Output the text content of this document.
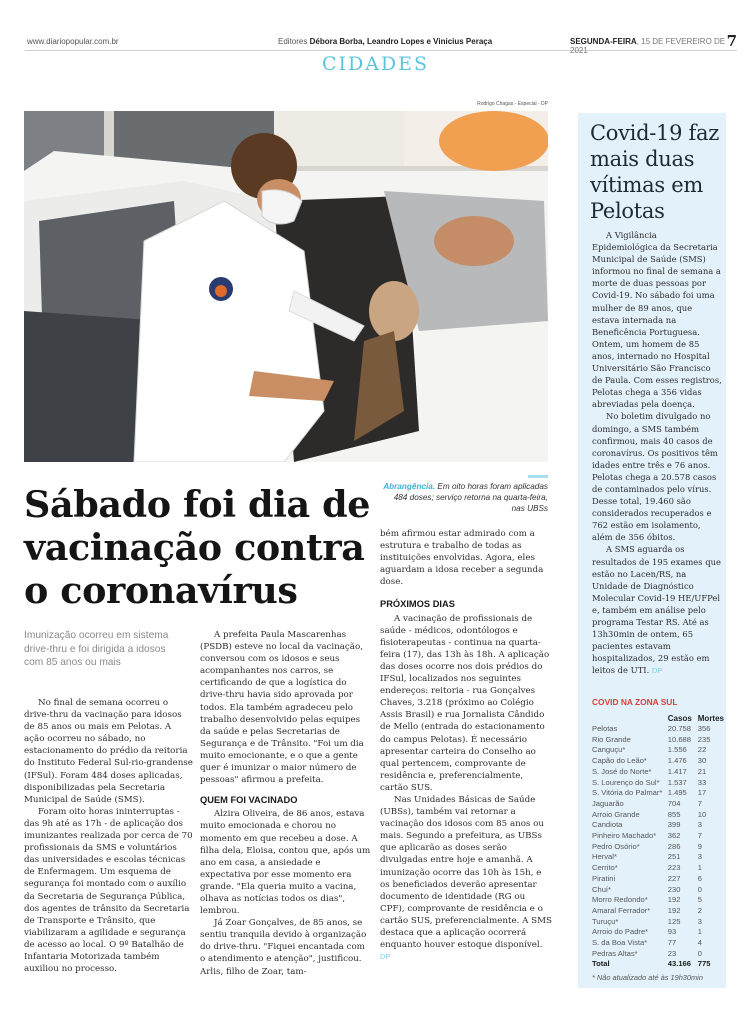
www.diariopopular.com.br	Editores Débora Borba, Leandro Lopes e Vinicius Peraça	SEGUNDA-FEIRA, 15 DE FEVEREIRO DE 2021
7
CIDADES
Rodrigo Chagas - Especial - DP
Abrangência. Em oito horas foram aplicadas 484 doses; serviço retorna na quarta-feira, nas UBSs
Sábado foi dia de vacinação contra o coronavírus
Imunização ocorreu em sistema drive-thru e foi dirigida a idosos com 85 anos ou mais

No final de semana ocorreu o drive-thru da vacinação para idosos de 85 anos ou mais em Pelotas. A ação ocorreu no sábado, no estacionamento do prédio da reitoria do Instituto Federal Sul-rio-grandense (IFSul). Foram 484 doses aplicadas, disponibilizadas pela Secretaria Municipal de Saúde (SMS).

Foram oito horas ininterruptas - das 9h até as 17h - de aplicação dos imunizantes realizada por cerca de 70 profissionais da SMS e voluntários das universidades e escolas técnicas de Enfermagem. Um esquema de segurança foi montado com o auxílio da Secretaria de Segurança Pública, dos agentes de trânsito da Secretaria de Transporte e Trânsito, que viabilizaram a agilidade e segurança de acesso ao local. O 9º Batalhão de Infantaria Motorizada também auxiliou no processo.

A prefeita Paula Mascarenhas (PSDB) esteve no local da vacinação, conversou com os idosos e seus acompanhantes nos carros, se certificando de que a logística do drive-thru havia sido aprovada por todos. Ela também agradeceu pelo trabalho desenvolvido pelas equipes da saúde e pelas Secretarias de Segurança e de Trânsito. "Foi um dia muito emocionante, e o que a gente quer é imunizar o maior número de pessoas" afirmou a prefeita.

QUEM FOI VACINADO

Alzira Oliveira, de 86 anos, estava muito emocionada e chorou no momento em que recebeu a dose. A filha dela, Eloisa, contou que, após um ano em casa, a ansiedade e expectativa por esse momento era grande. "Ela queria muito a vacina, olhava as notícias todos os dias", lembrou.

Já Zoar Gonçalves, de 85 anos, se sentiu tranquila devido à organização do drive-thru. "Fiquei encantada com o atendimento e atenção", justificou. Arlis, filho de Zoar, tam-

bém afirmou estar admirado com a estrutura e trabalho de todas as instituições envolvidas. Agora, eles aguardam a idosa receber a segunda dose.

PRÓXIMOS DIAS

A vacinação de profissionais de saúde - médicos, odontólogos e fisioterapeutas - continua na quarta-feira (17), das 13h às 18h. A aplicação das doses ocorre nos dois prédios do IFSul, localizados nos seguintes endereços: reitoria - rua Gonçalves Chaves, 3.218 (próximo ao Colégio Assis Brasil) e rua Jornalista Cândido de Mello (entrada do estacionamento do campus Pelotas). É necessário apresentar carteira do Conselho ao qual pertencem, comprovante de residência e, preferencialmente, cartão SUS.

Nas Unidades Básicas de Saúde (UBSs), também vai retornar a vacinação dos idosos com 85 anos ou mais. Segundo a prefeitura, as UBSs que aplicarão as doses serão divulgadas entre hoje e amanhã. A imunização ocorre das 10h às 15h, e os beneficiados deverão apresentar documento de identidade (RG ou CPF), comprovante de residência e o cartão SUS, preferencialmente. A SMS destaca que a aplicação ocorrerá enquanto houver estoque disponível. DP

Covid-19 faz mais duas vítimas em Pelotas

A Vigilância Epidemiológica da Secretaria Municipal de Saúde (SMS) informou no final de semana a morte de duas pessoas por Covid-19. No sábado foi uma mulher de 89 anos, que estava internada na Beneficência Portuguesa. Ontem, um homem de 85 anos, internado no Hospital Universitário São Francisco de Paula. Com esses registros, Pelotas chega a 356 vidas abreviadas pela doença.

No boletim divulgado no domingo, a SMS também confirmou, mais 40 casos de coronavírus. Os positivos têm idades entre três e 76 anos. Pelotas chega a 20.578 casos de contaminados pelo vírus. Desse total, 19.460 são considerados recuperados e 762 estão em isolamento, além de 356 óbitos.

A SMS aguarda os resultados de 195 exames que estão no Lacen/RS, na Unidade de Diagnóstico Molecular Covid-19 HE/UFPel e, também em análise pelo programa Testar RS. Até as 13h30min de ontem, 65 pacientes estavam hospitalizados, 29 estão em leitos de UTI. DP

COVID NA ZONA SUL
	Casos	Mortes
Pelotas	20.758	356
Rio Grande	10.688	235
Canguçu*	1.556	22
Capão do Leão*	1.476	30
S. José do Norte*	1.417	21
S. Lourenço do Sul*	1.537	33
S. Vitória do Palmar*	1.495	17
Jaguarão	704	7
Arroio Grande	855	10
Candiota	399	3
Pinheiro Machado*	362	7
Pedro Osório*	286	9
Herval*	251	3
Cerrito*	223	1
Piratini	227	6
Chuí*	230	0
Morro Redondo*	192	5
Amaral Ferrador*	192	2
Turuçu*	125	3
Arroio do Padre*	93	1
S. da Boa Vista*	77	4
Pedras Altas*	23	0
Total	43.166	775
* Não atualizado até às 19h30min
